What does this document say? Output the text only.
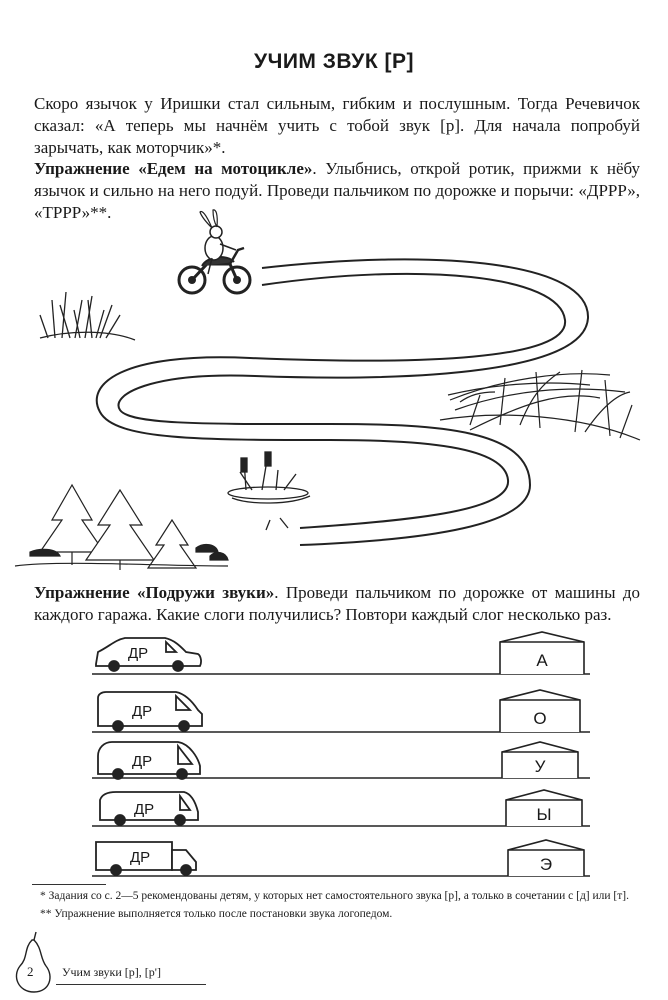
УЧИМ ЗВУК [Р]
Скоро язычок у Иришки стал сильным, гибким и послушным. Тогда Речевичок сказал: «А теперь мы начнём учить с тобой звук [р]. Для начала попробуй зарычать, как моторчик»*.
Упражнение «Едем на мотоцикле». Улыбнись, открой ротик, прижми к нёбу язычок и сильно на него подуй. Проведи пальчиком по дорожке и порычи: «ДРРР», «ТРРР»**.
Упражнение «Подружи звуки». Проведи пальчиком по дорожке от машины до каждого гаража. Какие слоги получились? Повтори каждый слог несколько раз.
ДР	А
ДР	О
ДР	У
ДР	Ы
ДР	Э
* Задания со с. 2—5 рекомендованы детям, у которых нет самостоятельного звука [р], а только в сочетании с [д] или [т].
** Упражнение выполняется только после постановки звука логопедом.
2 Учим звуки [р], [р']
